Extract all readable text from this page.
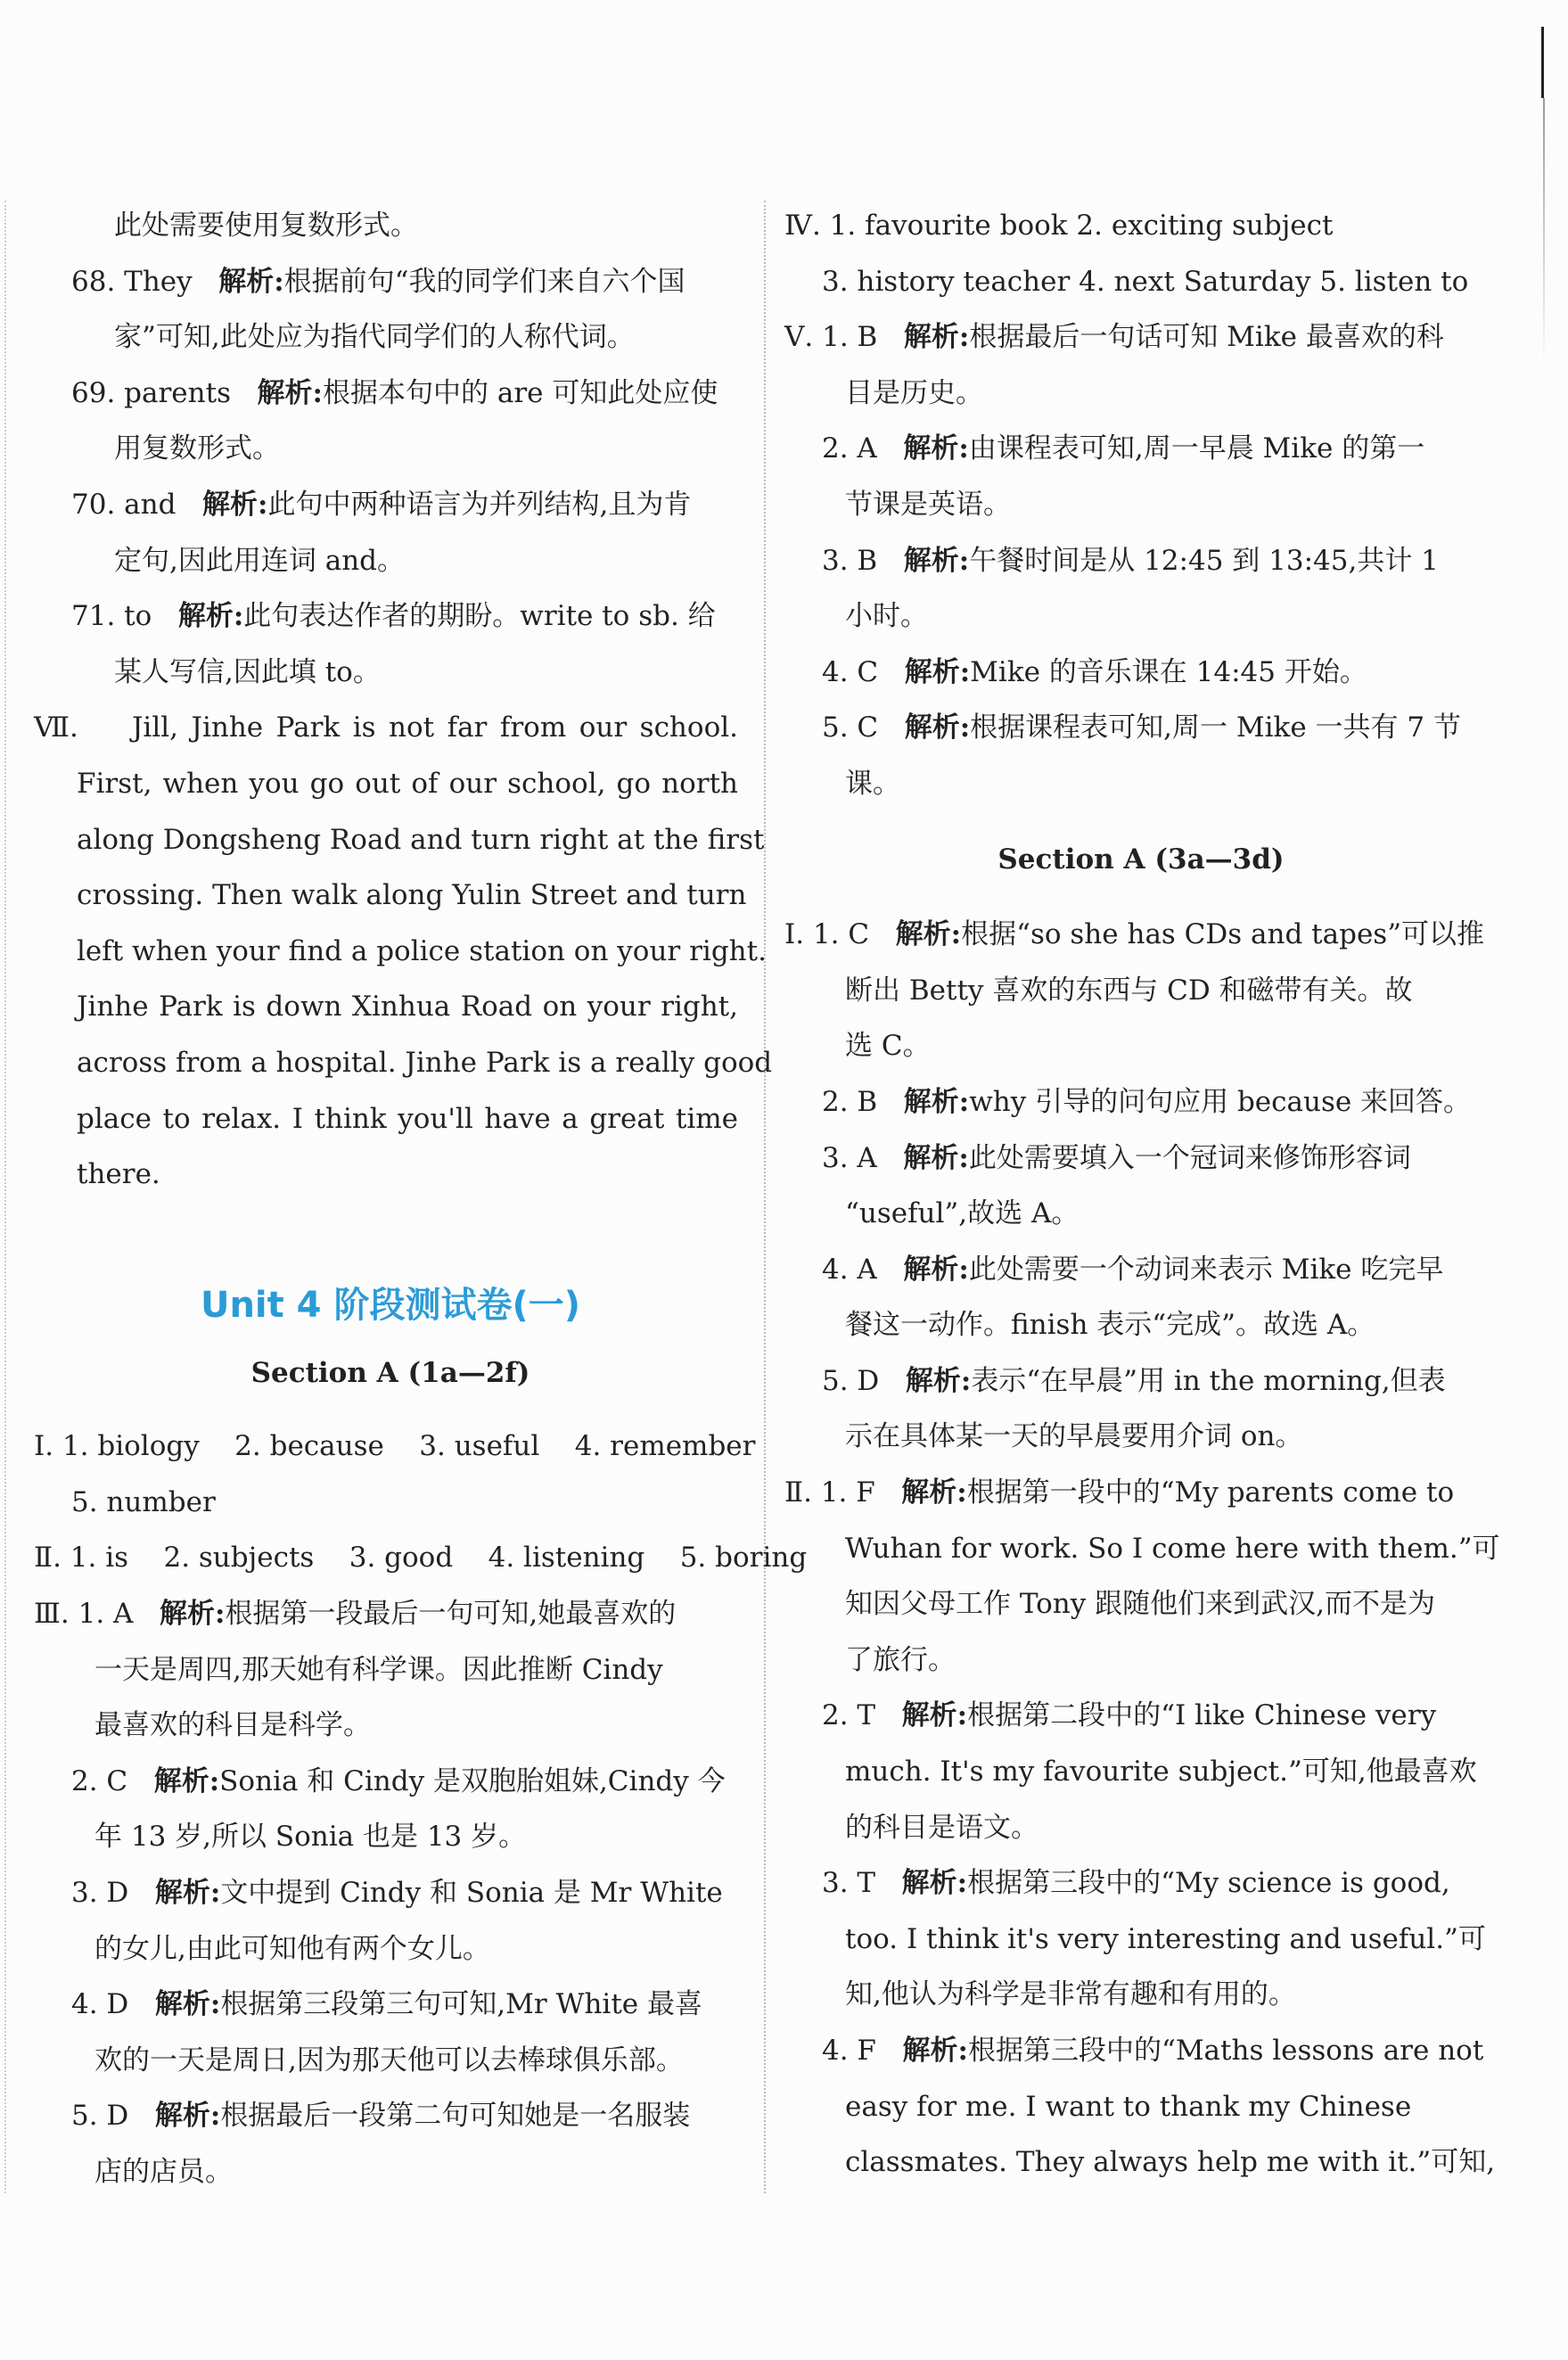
此处需要使用复数形式。
68. They 解析:根据前句“我的同学们来自六个国
家”可知,此处应为指代同学们的人称代词。
69. parents 解析:根据本句中的 are 可知此处应使
用复数形式。
70. and 解析:此句中两种语言为并列结构,且为肯
定句,因此用连词 and。
71. to 解析:此句表达作者的期盼。write to sb. 给
某人写信,因此填 to。
Ⅶ. Jill, Jinhe Park is not far from our school.
First, when you go out of our school, go north
along Dongsheng Road and turn right at the first
crossing. Then walk along Yulin Street and turn
left when your find a police station on your right.
Jinhe Park is down Xinhua Road on your right,
across from a hospital. Jinhe Park is a really good
place to relax. I think you'll have a great time
there.
Unit 4 阶段测试卷(一)
Section A (1a—2f)
Ⅰ. 1. biology 2. because 3. useful 4. remember
5. number
Ⅱ. 1. is 2. subjects 3. good 4. listening 5. boring
Ⅲ. 1. A 解析:根据第一段最后一句可知,她最喜欢的
一天是周四,那天她有科学课。因此推断 Cindy
最喜欢的科目是科学。
2. C 解析:Sonia 和 Cindy 是双胞胎姐妹,Cindy 今
年 13 岁,所以 Sonia 也是 13 岁。
3. D 解析:文中提到 Cindy 和 Sonia 是 Mr White
的女儿,由此可知他有两个女儿。
4. D 解析:根据第三段第三句可知,Mr White 最喜
欢的一天是周日,因为那天他可以去棒球俱乐部。
5. D 解析:根据最后一段第二句可知她是一名服装
店的店员。
Ⅳ. 1. favourite book 2. exciting subject
3. history teacher 4. next Saturday 5. listen to
Ⅴ. 1. B 解析:根据最后一句话可知 Mike 最喜欢的科
目是历史。
2. A 解析:由课程表可知,周一早晨 Mike 的第一
节课是英语。
3. B 解析:午餐时间是从 12:45 到 13:45,共计 1
小时。
4. C 解析:Mike 的音乐课在 14:45 开始。
5. C 解析:根据课程表可知,周一 Mike 一共有 7 节
课。
Section A (3a—3d)
Ⅰ. 1. C 解析:根据“so she has CDs and tapes”可以推
断出 Betty 喜欢的东西与 CD 和磁带有关。故
选 C。
2. B 解析:why 引导的问句应用 because 来回答。
3. A 解析:此处需要填入一个冠词来修饰形容词
“useful”,故选 A。
4. A 解析:此处需要一个动词来表示 Mike 吃完早
餐这一动作。finish 表示“完成”。故选 A。
5. D 解析:表示“在早晨”用 in the morning,但表
示在具体某一天的早晨要用介词 on。
Ⅱ. 1. F 解析:根据第一段中的“My parents come to
Wuhan for work. So I come here with them.”可
知因父母工作 Tony 跟随他们来到武汉,而不是为
了旅行。
2. T 解析:根据第二段中的“I like Chinese very
much. It's my favourite subject.”可知,他最喜欢
的科目是语文。
3. T 解析:根据第三段中的“My science is good,
too. I think it's very interesting and useful.”可
知,他认为科学是非常有趣和有用的。
4. F 解析:根据第三段中的“Maths lessons are not
easy for me. I want to thank my Chinese
classmates. They always help me with it.”可知,
